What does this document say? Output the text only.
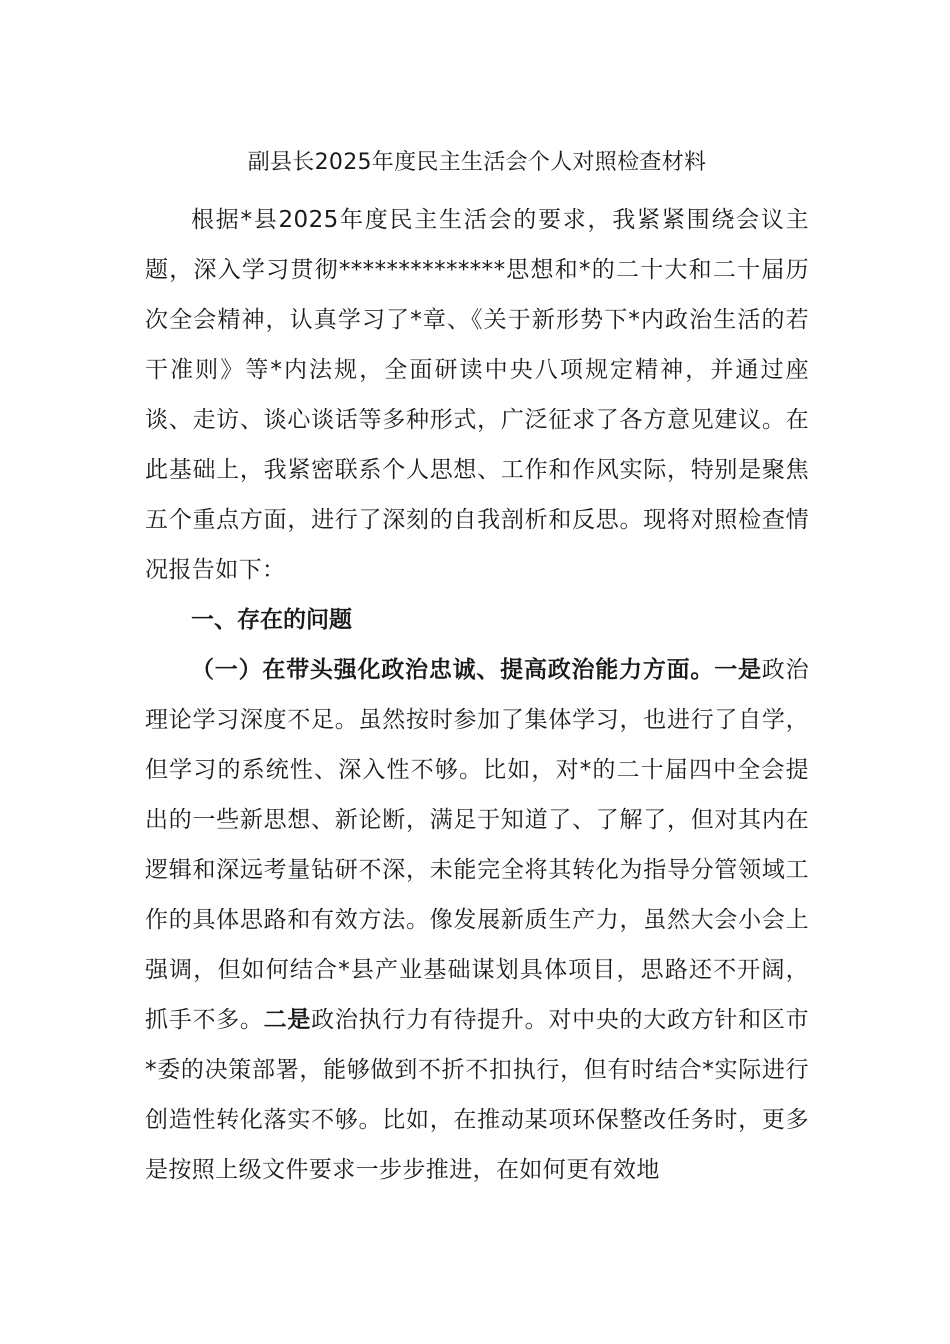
副县长2025年度民主生活会个人对照检查材料

根据*县2025年度民主生活会的要求，我紧紧围绕会议主题，深入学习贯彻**************思想和*的二十大和二十届历次全会精神，认真学习了*章、《关于新形势下*内政治生活的若干准则》等*内法规，全面研读中央八项规定精神，并通过座谈、走访、谈心谈话等多种形式，广泛征求了各方意见建议。在此基础上，我紧密联系个人思想、工作和作风实际，特别是聚焦五个重点方面，进行了深刻的自我剖析和反思。现将对照检查情况报告如下：

一、存在的问题

（一）在带头强化政治忠诚、提高政治能力方面。一是政治理论学习深度不足。虽然按时参加了集体学习，也进行了自学，但学习的系统性、深入性不够。比如，对*的二十届四中全会提出的一些新思想、新论断，满足于知道了、了解了，但对其内在逻辑和深远考量钻研不深，未能完全将其转化为指导分管领域工作的具体思路和有效方法。像发展新质生产力，虽然大会小会上强调，但如何结合*县产业基础谋划具体项目，思路还不开阔，抓手不多。二是政治执行力有待提升。对中央的大政方针和区市*委的决策部署，能够做到不折不扣执行，但有时结合*实际进行创造性转化落实不够。比如，在推动某项环保整改任务时，更多是按照上级文件要求一步步推进，在如何更有效地
